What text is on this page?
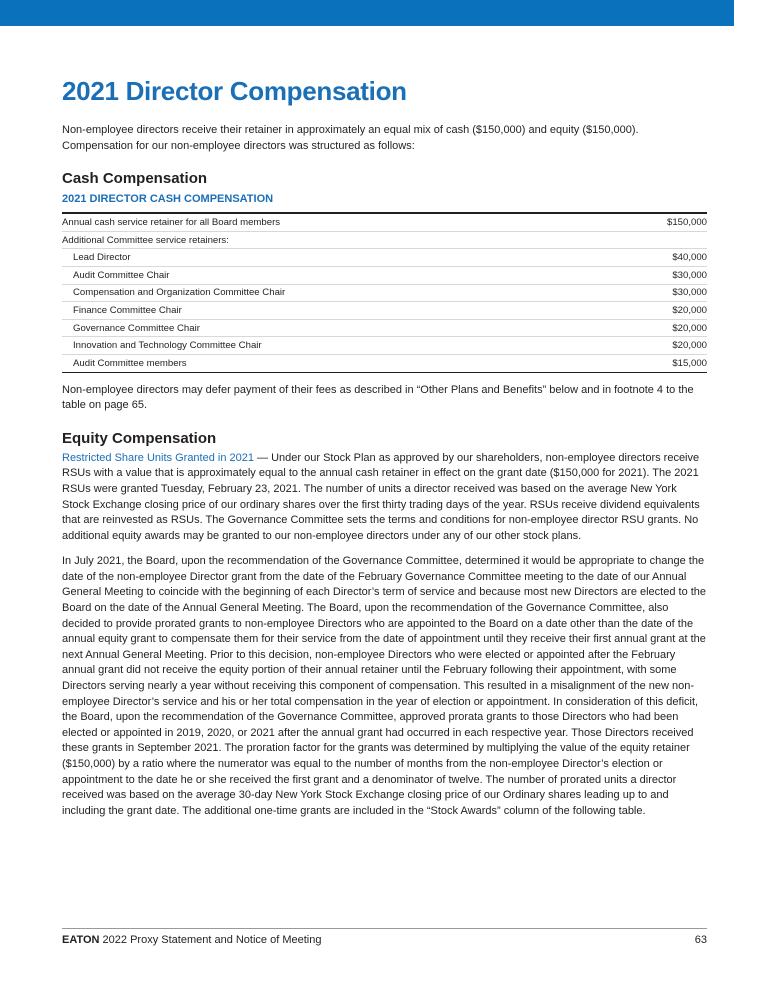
2021 Director Compensation

Non-employee directors receive their retainer in approximately an equal mix of cash ($150,000) and equity ($150,000). Compensation for our non-employee directors was structured as follows:

Cash Compensation
2021 DIRECTOR CASH COMPENSATION
Annual cash service retainer for all Board members	$150,000
Additional Committee service retainers:	
Lead Director	$40,000
Audit Committee Chair	$30,000
Compensation and Organization Committee Chair	$30,000
Finance Committee Chair	$20,000
Governance Committee Chair	$20,000
Innovation and Technology Committee Chair	$20,000
Audit Committee members	$15,000

Non-employee directors may defer payment of their fees as described in “Other Plans and Benefits” below and in footnote 4 to the table on page 65.

Equity Compensation

Restricted Share Units Granted in 2021 — Under our Stock Plan as approved by our shareholders, non-employee directors receive RSUs with a value that is approximately equal to the annual cash retainer in effect on the grant date ($150,000 for 2021). The 2021 RSUs were granted Tuesday, February 23, 2021. The number of units a director received was based on the average New York Stock Exchange closing price of our ordinary shares over the first thirty trading days of the year. RSUs receive dividend equivalents that are reinvested as RSUs. The Governance Committee sets the terms and conditions for non-employee director RSU grants. No additional equity awards may be granted to our non-employee directors under any of our other stock plans.

In July 2021, the Board, upon the recommendation of the Governance Committee, determined it would be appropriate to change the date of the non-employee Director grant from the date of the February Governance Committee meeting to the date of our Annual General Meeting to coincide with the beginning of each Director’s term of service and because most new Directors are elected to the Board on the date of the Annual General Meeting. The Board, upon the recommendation of the Governance Committee, also decided to provide prorated grants to non-employee Directors who are appointed to the Board on a date other than the date of the annual equity grant to compensate them for their service from the date of appointment until they receive their first annual grant at the next Annual General Meeting. Prior to this decision, non-employee Directors who were elected or appointed after the February annual grant did not receive the equity portion of their annual retainer until the February following their appointment, with some Directors serving nearly a year without receiving this component of compensation. This resulted in a misalignment of the new non-employee Director’s service and his or her total compensation in the year of election or appointment. In consideration of this deficit, the Board, upon the recommendation of the Governance Committee, approved prorata grants to those Directors who had been elected or appointed in 2019, 2020, or 2021 after the annual grant had occurred in each respective year. Those Directors received these grants in September 2021. The proration factor for the grants was determined by multiplying the value of the equity retainer ($150,000) by a ratio where the numerator was equal to the number of months from the non-employee Director’s election or appointment to the date he or she received the first grant and a denominator of twelve. The number of prorated units a director received was based on the average 30-day New York Stock Exchange closing price of our Ordinary shares leading up to and including the grant date. The additional one-time grants are included in the “Stock Awards” column of the following table.

EATON 2022 Proxy Statement and Notice of Meeting	63
